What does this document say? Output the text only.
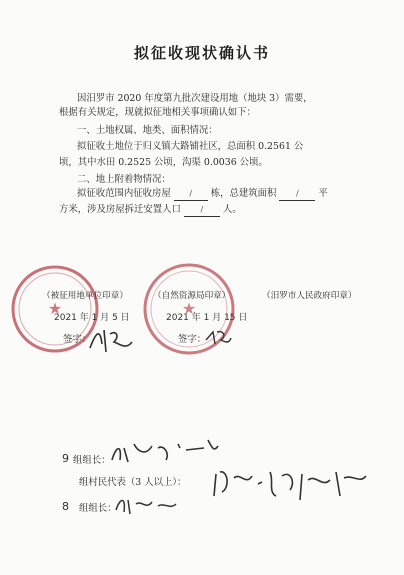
拟征收现状确认书
因汨罗市 2020 年度第九批次建设用地（地块 3）需要，
根据有关规定，现就拟征地相关事项确认如下：
一、土地权属、地类、面积情况：
拟征收土地位于归义镇大路铺社区，总面积 0.2561 公
顷，其中水田 0.2525 公顷，沟渠 0.0036 公顷。
二、地上附着物情况：
拟征收范围内征收房屋 / 栋，总建筑面积 / 平
方米，涉及房屋拆迁安置人口 / 人。
★	★
（被征用地单位印章）	（自然资源局印章）	（汨罗市人民政府印章）
2021 年 1 月 5 日	2021 年 1 月 15 日
签字：	签字：
9 组组长：
组村民代表（3 人以上）：
8 组组长：
